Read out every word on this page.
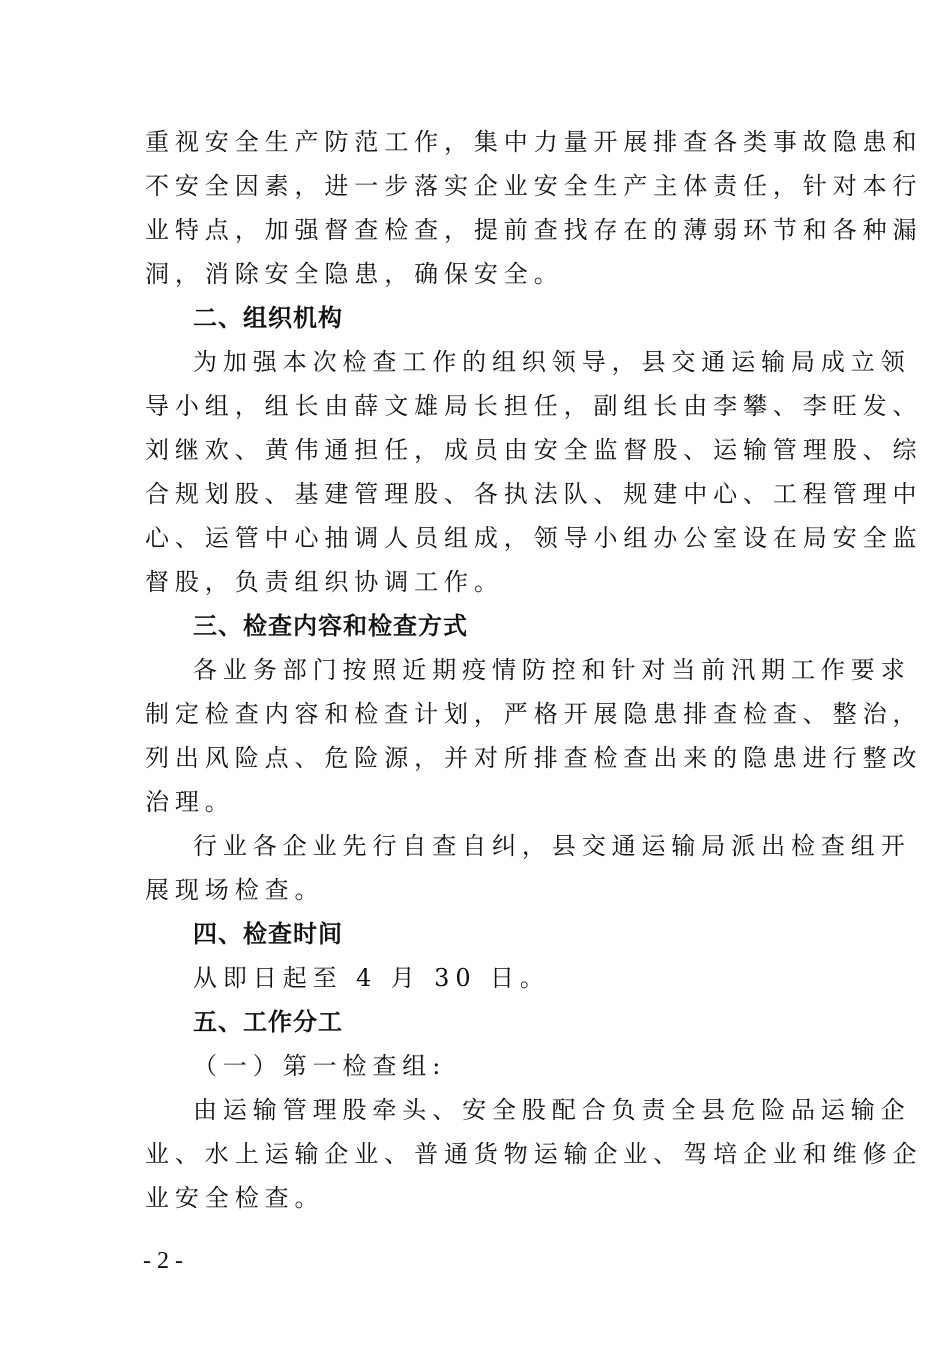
重视安全生产防范工作，集中力量开展排查各类事故隐患和
不安全因素，进一步落实企业安全生产主体责任，针对本行
业特点，加强督查检查，提前查找存在的薄弱环节和各种漏
洞，消除安全隐患，确保安全。
二、组织机构
为加强本次检查工作的组织领导，县交通运输局成立领
导小组，组长由薛文雄局长担任，副组长由李攀、李旺发、
刘继欢、黄伟通担任，成员由安全监督股、运输管理股、综
合规划股、基建管理股、各执法队、规建中心、工程管理中
心、运管中心抽调人员组成，领导小组办公室设在局安全监
督股，负责组织协调工作。
三、检查内容和检查方式
各业务部门按照近期疫情防控和针对当前汛期工作要求
制定检查内容和检查计划，严格开展隐患排查检查、整治，
列出风险点、危险源，并对所排查检查出来的隐患进行整改
治理。
行业各企业先行自查自纠，县交通运输局派出检查组开
展现场检查。
四、检查时间
从即日起至 4 月 30 日。
五、工作分工
（一）第一检查组:
由运输管理股牵头、安全股配合负责全县危险品运输企
业、水上运输企业、普通货物运输企业、驾培企业和维修企
业安全检查。
- 2 -
